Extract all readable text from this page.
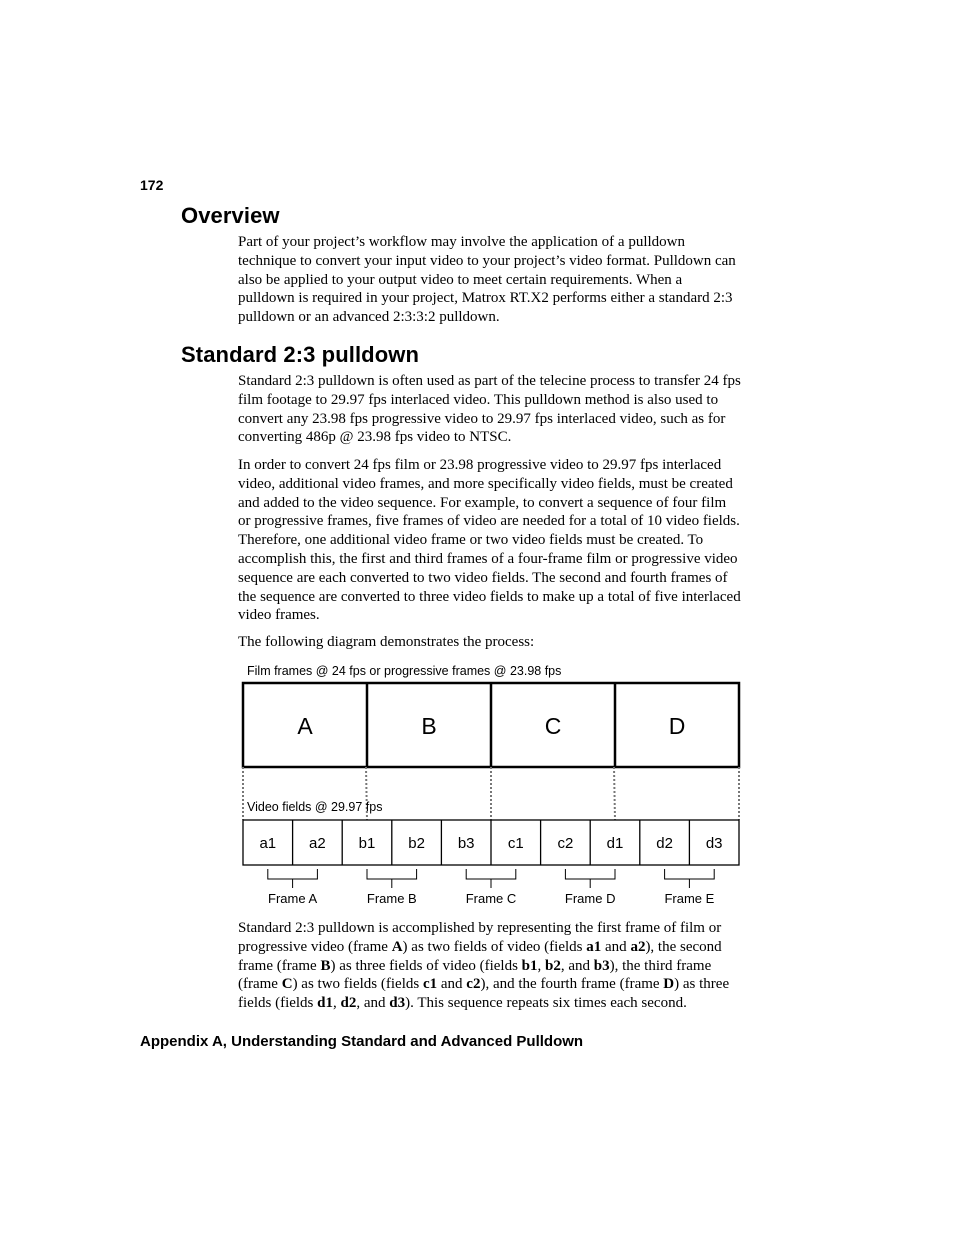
172
Overview

Part of your project’s workflow may involve the application of a pulldown technique to convert your input video to your project’s video format. Pulldown can also be applied to your output video to meet certain requirements. When a pulldown is required in your project, Matrox RT.X2 performs either a standard 2:3 pulldown or an advanced 2:3:3:2 pulldown.

Standard 2:3 pulldown

Standard 2:3 pulldown is often used as part of the telecine process to transfer 24 fps film footage to 29.97 fps interlaced video. This pulldown method is also used to convert any 23.98 fps progressive video to 29.97 fps interlaced video, such as for converting 486p @ 23.98 fps video to NTSC.

In order to convert 24 fps film or 23.98 progressive video to 29.97 fps interlaced video, additional video frames, and more specifically video fields, must be created and added to the video sequence. For example, to convert a sequence of four film or progressive frames, five frames of video are needed for a total of 10 video fields. Therefore, one additional video frame or two video fields must be created. To accomplish this, the first and third frames of a four-frame film or progressive video sequence are each converted to two video fields. The second and fourth frames of the sequence are converted to three video fields to make up a total of five interlaced video frames.

The following diagram demonstrates the process:

Film frames @ 24 fps or progressive frames @ 23.98 fps
A	B	C	D
Video fields @ 29.97 fps
a1 a2 b1 b2 b3 c1 c2 d1 d2 d3
Frame A	Frame B	Frame C	Frame D	Frame E

Standard 2:3 pulldown is accomplished by representing the first frame of film or progressive video (frame A) as two fields of video (fields a1 and a2), the second frame (frame B) as three fields of video (fields b1, b2, and b3), the third frame (frame C) as two fields (fields c1 and c2), and the fourth frame (frame D) as three fields (fields d1, d2, and d3). This sequence repeats six times each second.

Appendix A, Understanding Standard and Advanced Pulldown
